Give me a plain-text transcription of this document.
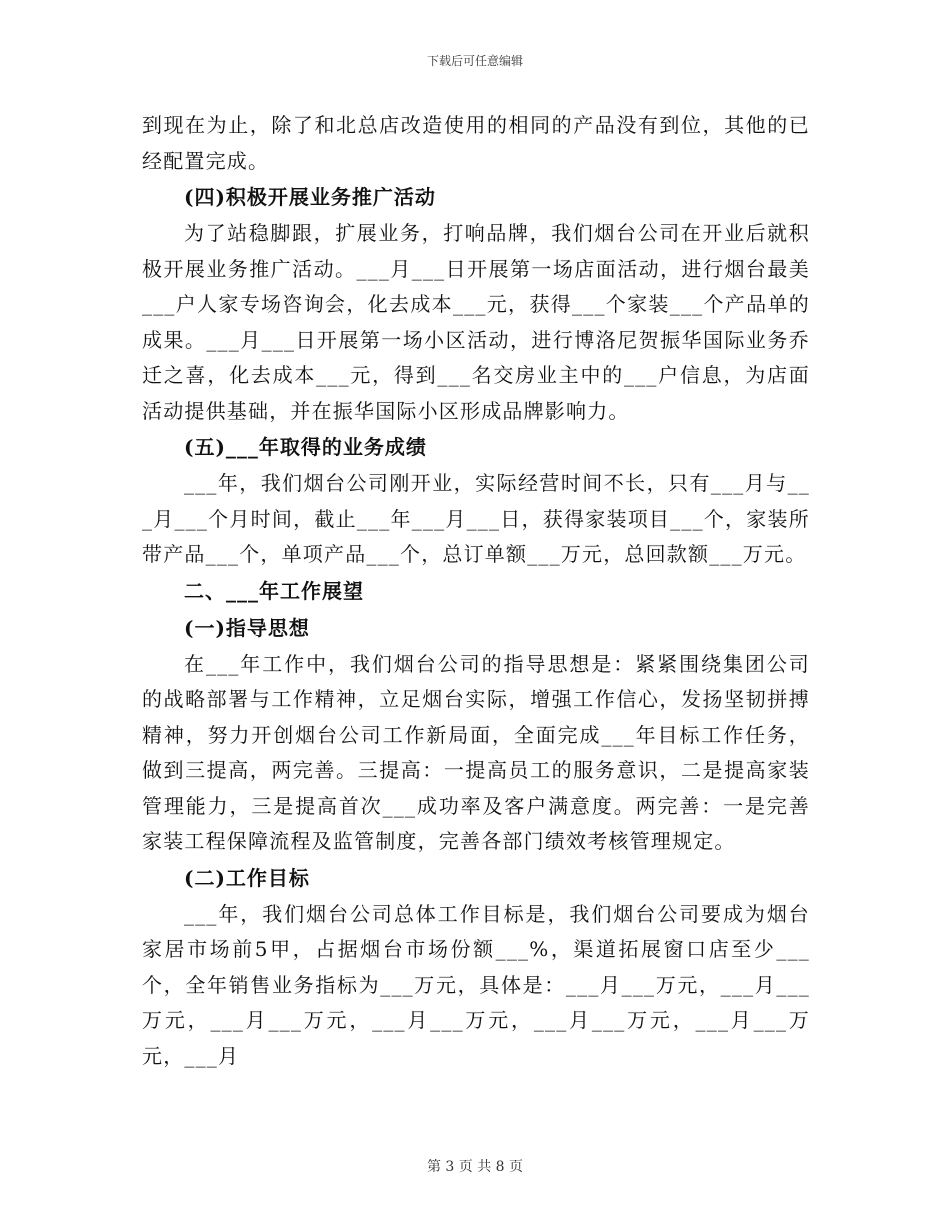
下载后可任意编辑

到现在为止，除了和北总店改造使用的相同的产品没有到位，其他的已经配置完成。

(四)积极开展业务推广活动

为了站稳脚跟，扩展业务，打响品牌，我们烟台公司在开业后就积极开展业务推广活动。___月___日开展第一场店面活动，进行烟台最美___户人家专场咨询会，化去成本___元，获得___个家装___个产品单的成果。___月___日开展第一场小区活动，进行博洛尼贺振华国际业务乔迁之喜，化去成本___元，得到___名交房业主中的___户信息，为店面活动提供基础，并在振华国际小区形成品牌影响力。

(五)___年取得的业务成绩

___年，我们烟台公司刚开业，实际经营时间不长，只有___月与___月___个月时间，截止___年___月___日，获得家装项目___个，家装所带产品___个，单项产品___个，总订单额___万元，总回款额___万元。

二、___年工作展望

(一)指导思想

在___年工作中，我们烟台公司的指导思想是：紧紧围绕集团公司的战略部署与工作精神，立足烟台实际，增强工作信心，发扬坚韧拼搏精神，努力开创烟台公司工作新局面，全面完成___年目标工作任务，做到三提高，两完善。三提高：一提高员工的服务意识，二是提高家装管理能力，三是提高首次___成功率及客户满意度。两完善：一是完善家装工程保障流程及监管制度，完善各部门绩效考核管理规定。

(二)工作目标

___年，我们烟台公司总体工作目标是，我们烟台公司要成为烟台家居市场前5甲，占据烟台市场份额___%，渠道拓展窗口店至少___个，全年销售业务指标为___万元，具体是：___月___万元，___月___万元，___月___万元，___月___万元，___月___万元，___月___万元，___月

第 3 页 共 8 页
